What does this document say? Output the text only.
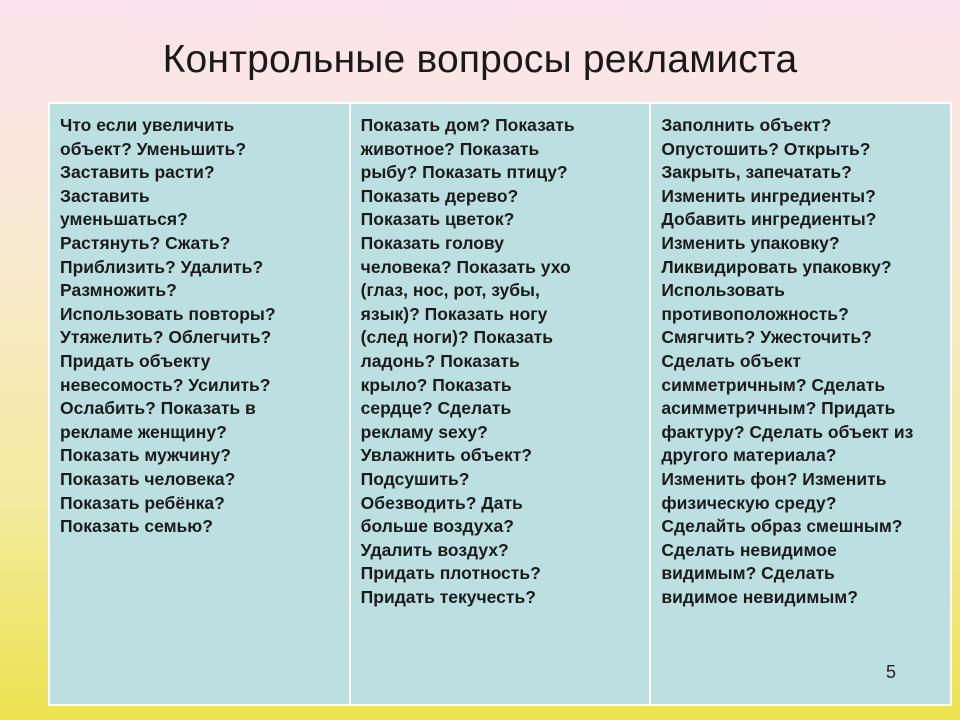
Контрольные вопросы рекламиста

Что если увеличить
объект? Уменьшить?
Заставить расти?
Заставить
уменьшаться?
Растянуть? Сжать?
Приблизить? Удалить?
Размножить?
Использовать повторы?
Утяжелить? Облегчить?
Придать объекту
невесомость? Усилить?
Ослабить? Показать в
рекламе женщину?
Показать мужчину?
Показать человека?
Показать ребёнка?
Показать семью?

Показать дом? Показать
животное? Показать
рыбу? Показать птицу?
Показать дерево?
Показать цветок?
Показать голову
человека? Показать ухо
(глаз, нос, рот, зубы,
язык)? Показать ногу
(след ноги)? Показать
ладонь? Показать
крыло? Показать
сердце? Сделать
рекламу sexy?
Увлажнить объект?
Подсушить?
Обезводить? Дать
больше воздуха?
Удалить воздух?
Придать плотность?
Придать текучесть?

Заполнить объект?
Опустошить? Открыть?
Закрыть, запечатать?
Изменить ингредиенты?
Добавить ингредиенты?
Изменить упаковку?
Ликвидировать упаковку?
Использовать
противоположность?
Смягчить? Ужесточить?
Сделать объект
симметричным? Сделать
асимметричным? Придать
фактуру? Сделать объект из
другого материала?
Изменить фон? Изменить
физическую среду?
Сделайть образ смешным?
Сделать невидимое
видимым? Сделать
видимое невидимым?

5
